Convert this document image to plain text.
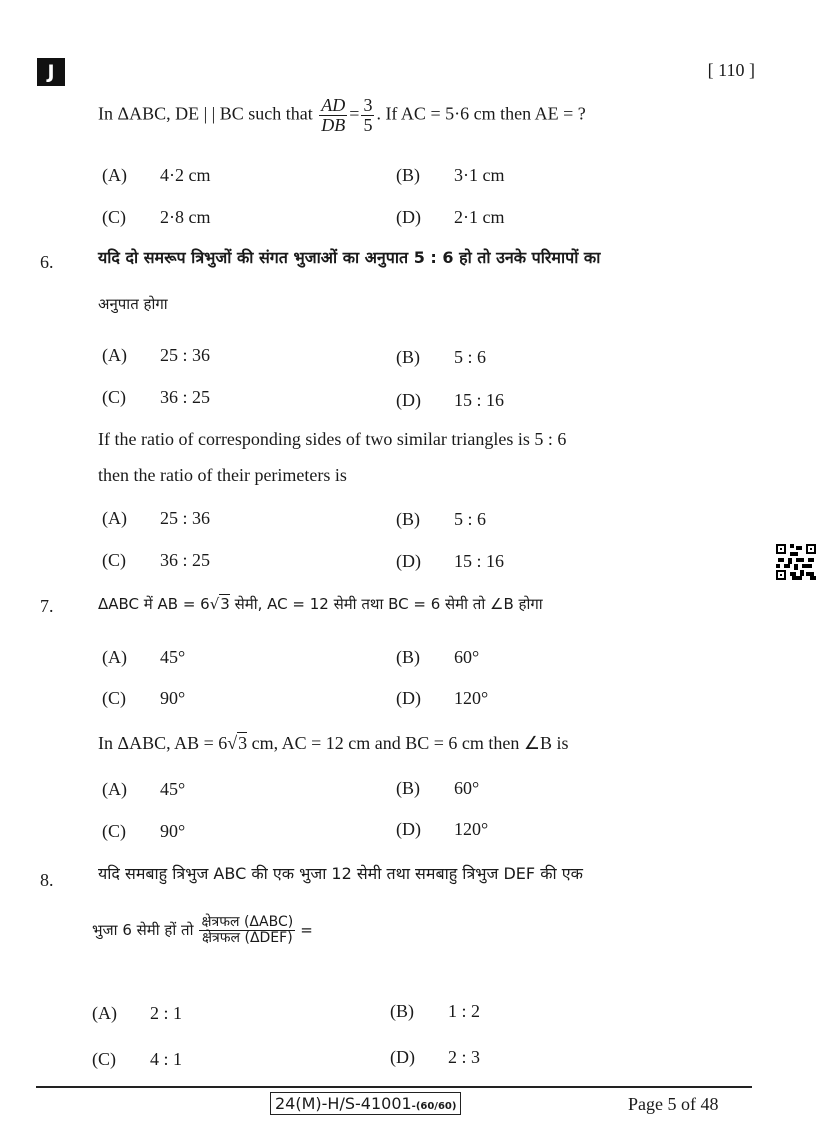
J	[ 110 ]
In ΔABC, DE | | BC such that $\frac{AD}{DB} = \frac{3}{5}$ . If AC = 5·6 cm then AE = ?
(A) 4·2 cm	(B) 3·1 cm
(C) 2·8 cm	(D) 2·1 cm
6.	यदि दो समरूप त्रिभुजों की संगत भुजाओं का अनुपात 5 : 6 हो तो उनके परिमापों का
अनुपात होगा
(A) 25 : 36	(B) 5 : 6
(C) 36 : 25	(D) 15 : 16
If the ratio of corresponding sides of two similar triangles is 5 : 6
then the ratio of their perimeters is
(A) 25 : 36	(B) 5 : 6
(C) 36 : 25	(D) 15 : 16
7.	ΔABC में AB = 6√3 सेमी, AC = 12 सेमी तथा BC = 6 सेमी तो ∠B होगा
(A) 45°	(B) 60°
(C) 90°	(D) 120°
In ΔABC, AB = 6√3 cm, AC = 12 cm and BC = 6 cm then ∠B is
(A) 45°	(B) 60°
(C) 90°	(D) 120°
8.	यदि समबाहु त्रिभुज ABC की एक भुजा 12 सेमी तथा समबाहु त्रिभुज DEF की एक
भुजा 6 सेमी हों तो $\frac{\text{क्षेत्रफल (ΔABC)}}{\text{क्षेत्रफल (ΔDEF)}}$ =
(A) 2 : 1	(B) 1 : 2
(C) 4 : 1	(D) 2 : 3
24(M)-H/S-41001-(60/60)	Page 5 of 48
